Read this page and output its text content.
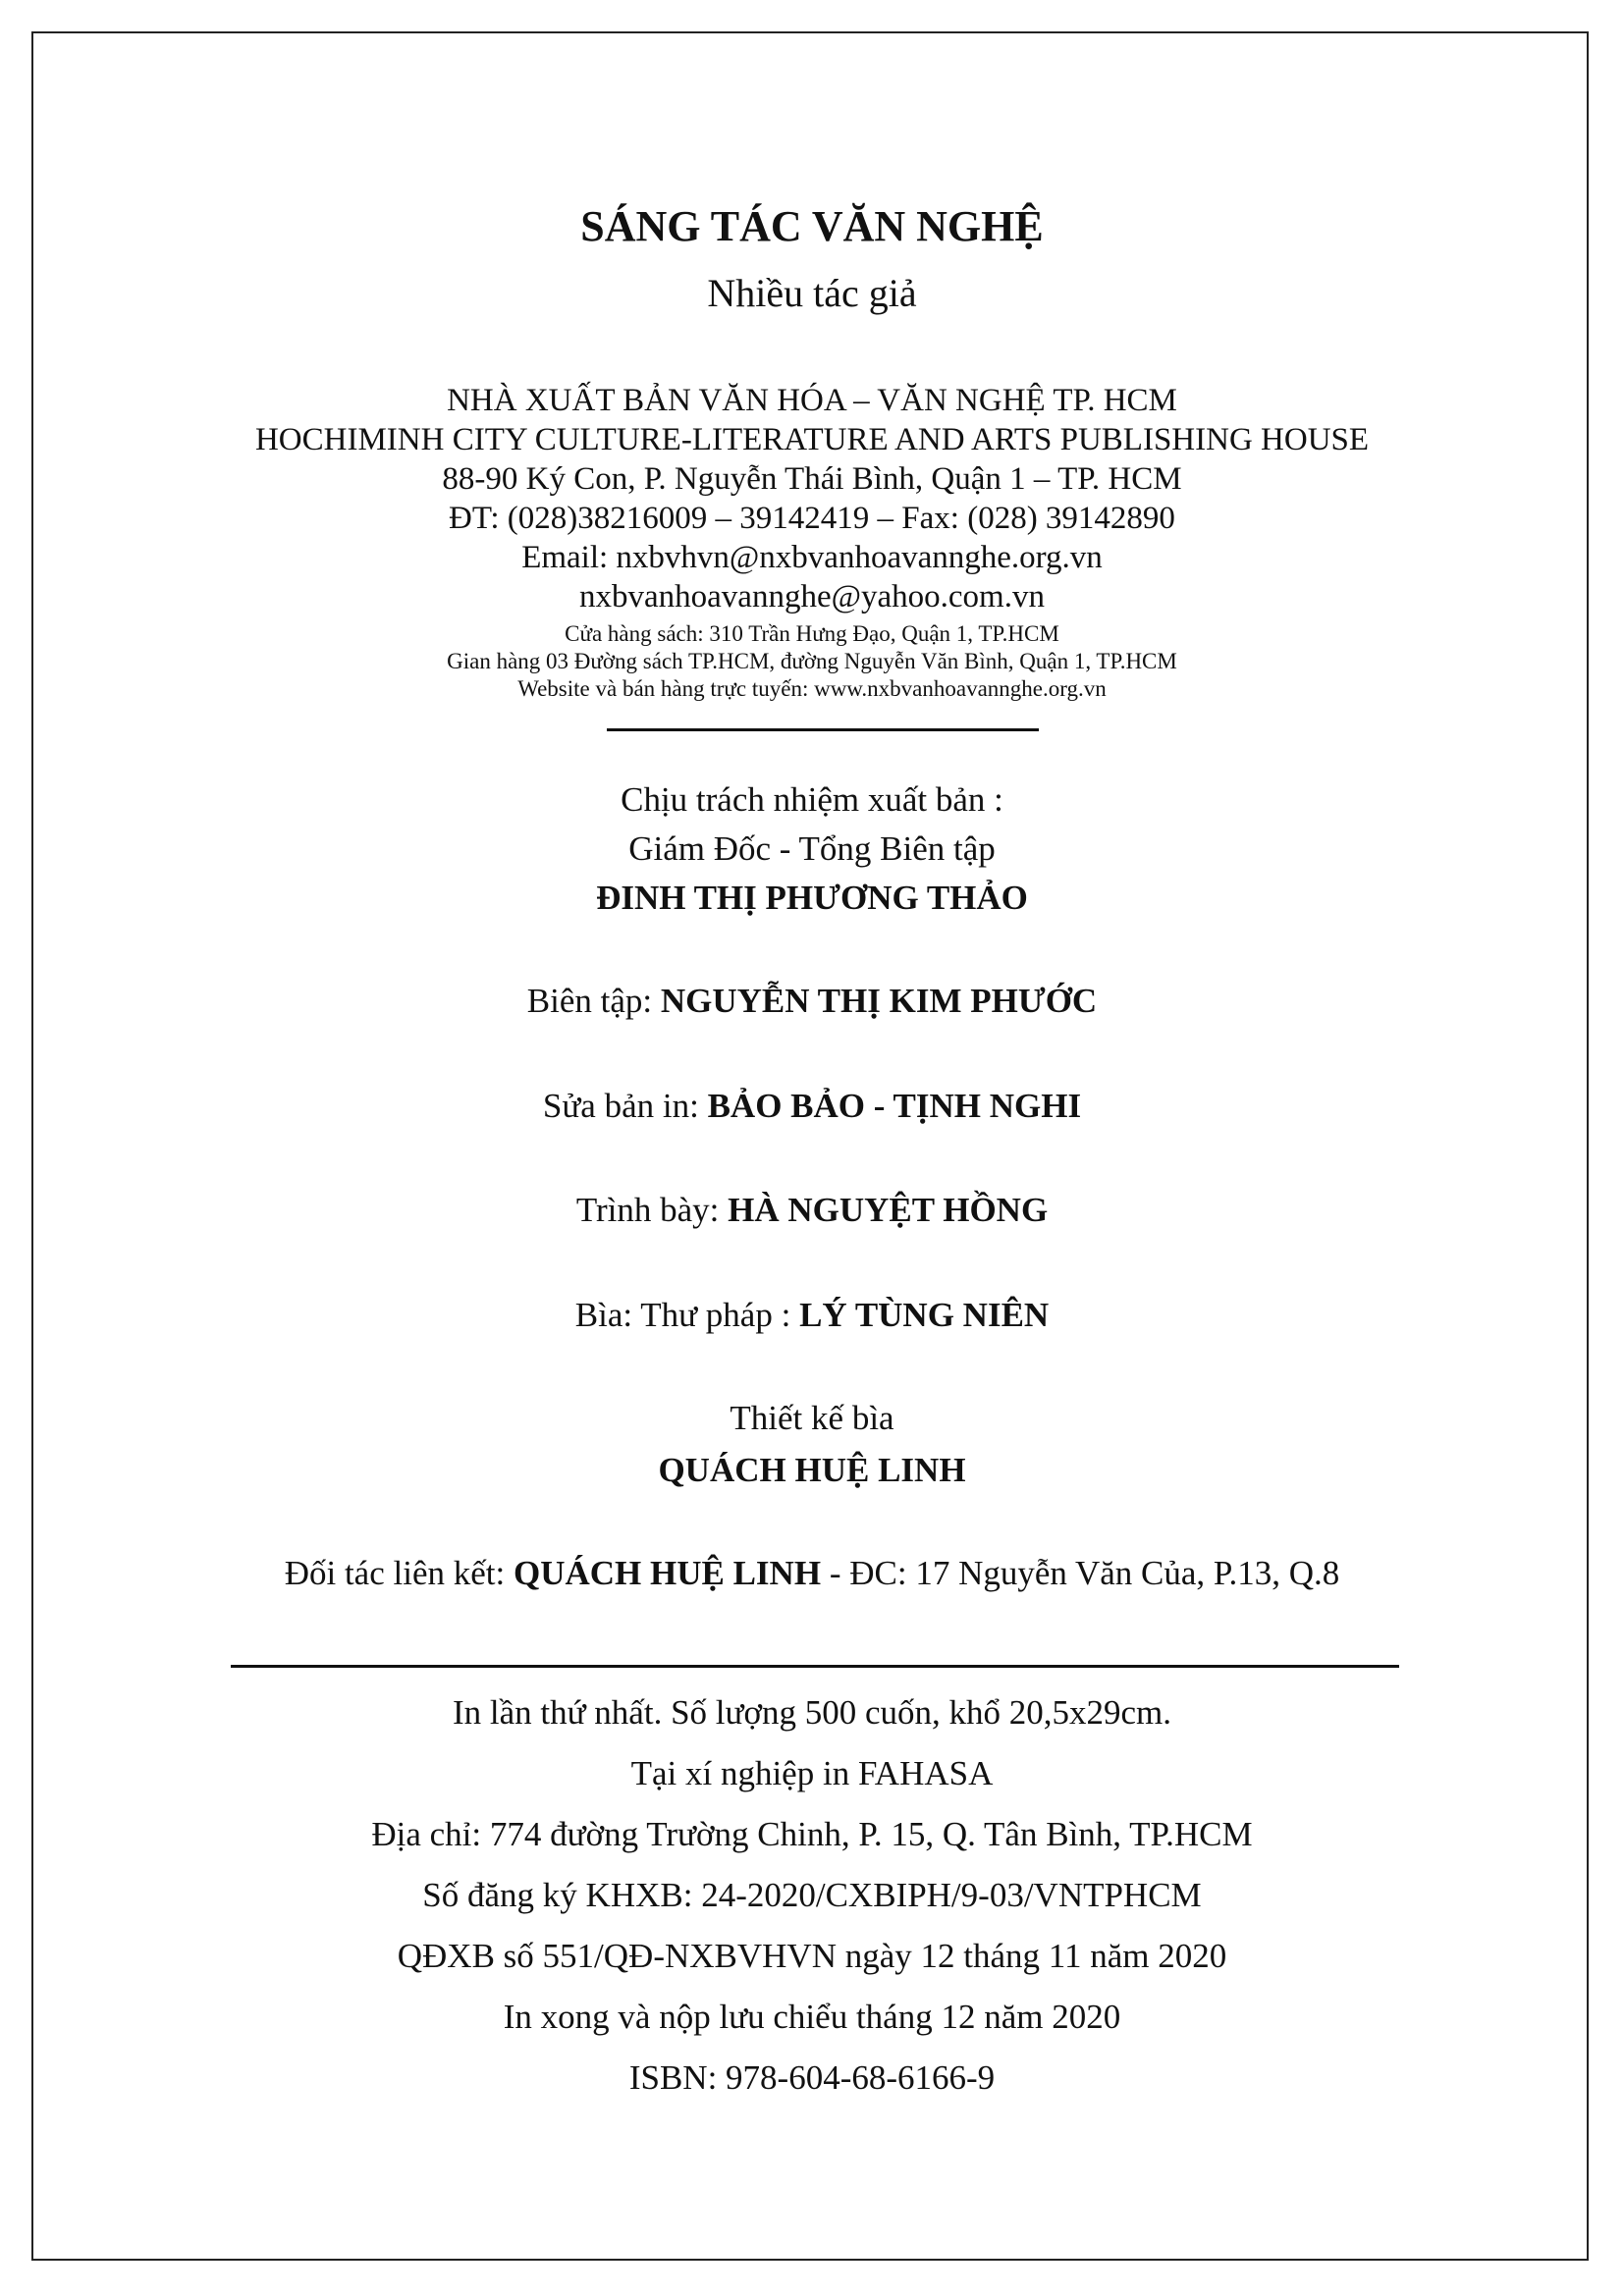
SÁNG TÁC VĂN NGHỆ
Nhiều tác giả
NHÀ XUẤT BẢN VĂN HÓA – VĂN NGHỆ TP. HCM
HOCHIMINH CITY CULTURE-LITERATURE AND ARTS PUBLISHING HOUSE
88-90 Ký Con, P. Nguyễn Thái Bình, Quận 1 – TP. HCM
ĐT: (028)38216009 – 39142419 – Fax: (028) 39142890
Email: nxbvhvn@nxbvanhoavannghe.org.vn
nxbvanhoavannghe@yahoo.com.vn
Cửa hàng sách: 310 Trần Hưng Đạo, Quận 1, TP.HCM
Gian hàng 03 Đường sách TP.HCM, đường Nguyễn Văn Bình, Quận 1, TP.HCM
Website và bán hàng trực tuyến: www.nxbvanhoavannghe.org.vn
Chịu trách nhiệm xuất bản :
Giám Đốc - Tổng Biên tập
ĐINH THỊ PHƯƠNG THẢO
Biên tập: NGUYỄN THỊ KIM PHƯỚC
Sửa bản in: BẢO BẢO - TỊNH NGHI
Trình bày: HÀ NGUYỆT HỒNG
Bìa: Thư pháp : LÝ TÙNG NIÊN
Thiết kế bìa
QUÁCH HUỆ LINH
Đối tác liên kết: QUÁCH HUỆ LINH - ĐC: 17 Nguyễn Văn Của, P.13, Q.8
In lần thứ nhất. Số lượng 500 cuốn, khổ 20,5x29cm.
Tại xí nghiệp in FAHASA
Địa chỉ: 774 đường Trường Chinh, P. 15, Q. Tân Bình, TP.HCM
Số đăng ký KHXB: 24-2020/CXBIPH/9-03/VNTPHCM
QĐXB số 551/QĐ-NXBVHVN ngày 12 tháng 11 năm 2020
In xong và nộp lưu chiểu tháng 12 năm 2020
ISBN: 978-604-68-6166-9
